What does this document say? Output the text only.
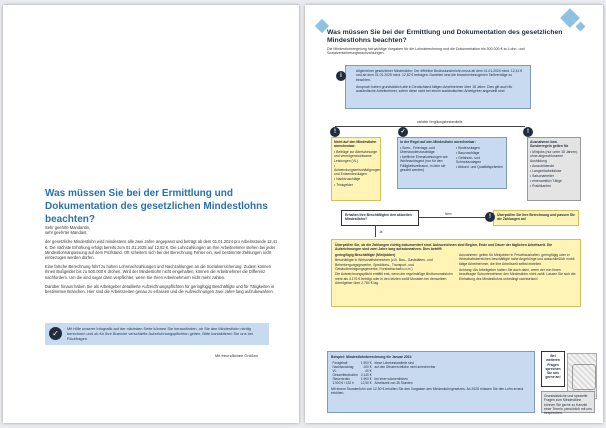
Was müssen Sie bei der Ermittlung und Dokumentation des gesetzlichen Mindestlohns beachten?

Sehr geehrte Mandantin,
sehr geehrter Mandant,

der gesetzliche Mindestlohn wird mindestens alle zwei Jahre angepasst und beträgt ab dem 01.01.2024 pro Arbeitsstunde 12,41 €. Die nächste Erhöhung erfolgt bereits zum 01.01.2025 auf 12,82 €. Die Lohnzahlungen an Ihre Arbeitnehmer stehen bei jeder Mindestlohnanpassung auf dem Prüfstand. Oft scheitern sich bei der Berechnung Fehler ein, weil bestimmte Zahlungen nicht einbezogen werden dürfen.

Eine falsche Berechnung führt zu hohen Lohnnachzahlungen und Nachzahlungen an die Sozialversicherung. Zudem können Ihnen Bußgelder bis zu 500.000 € drohen. Wird der Mindestlohn nicht eingehalten, können die Arbeitnehmer die Differenz nachfordern. Um die sind sogar dann verpflichtet, wenn Sie Ihren Arbeitnehmern nicht mehr zahlen.

Darüber hinaus haben Sie als Arbeitgeber detaillierte Aufzeichnungspflichten für geringfügig Beschäftigte und für Tätigkeiten in bestimmten Branchen. Hier sind die Arbeitszeiten genau zu erfassen und die Aufzeichnungen zwei Jahre lang aufzubewahren.

✓
Mit Hilfe unserer Infografik auf der nächsten Seite können Sie herausfinden, ob Sie den Mindestlohn richtig berechnen und ob für Ihre Branche verschärfte Aufzeichnungspflichten gelten. Bitte kontaktieren Sie uns bei Rückfragen.
Mit freundlichen Grüßen
Was müssen Sie bei der Ermittlung und Dokumentation des gesetzlichen Mindestlohns beachten?
Die Mindestlohnregelung hat wichtige Vorgaben für die Lohnabrechnung und die Dokumentation bis 500.000 € zu Lohn- und Sozialversicherungsnachzahlungen.
Allgemeiner gesetzlicher Mindestlohn: Der effektive Bruttostundenlohn muss ab dem 01.01.2024 mind. 12,41 € und ab dem 01.01.2025 mind. 12,82 € betragen. Daneben sind die branchenbezogenen Tarifverträge zu beachten.
Anspruch haben grundsätzlich alle in Deutschland tätigen Arbeitnehmer über 18 Jahre. Dies gilt auch für ausländische Arbeitnehmer, sofern diese nicht bei einem ausländischen Arbeitgeber angestellt sind.
i
variable Vergütungsbestandteile
!
Nicht auf den Mindestlohn anrechenbar:
• Beiträge zur Altersvorsorge und vermögenswirksame Leistungen (VL)
• Aufwendungsentschädigungen und Entsendezulagen
• Nachtzuschläge
• Trinkgelder
✓
In der Regel auf den Mindestlohn anrechenbar:
• Sonn-, Feiertags- und Überstundenzuschläge
• tarifliche Einmalzahlungen wie Weihnachtsgeld (nur für den Fälligkeitszeitraum, in dem sie gezahlt werden)
• Kinderzulagen
• Bauzuschläge
• Gefahren- und Schmutzzulagen
• Akkord- und Qualitätsprämien
!
Ausnahmen bzw. Sonderregeln gelten für
• Minijobs (nur unter 18 Jahren) ohne abgeschlossene Ausbildung
• Auszubildende
• Langzeitarbeitslose
• Saisonarbeiter
• ehrenamtlich Tätige
• Praktikanten
Erhalten Ihre Beschäftigten den aktuellen Mindestlohn?
Nein
Ja
Überprüfen Sie Ihre Berechnung und passen Sie die Zahlungen an!
!
Überprüfen Sie, ob die Zahlungen richtig dokumentiert sind. Aufzuzeichnen sind Beginn, Ende und Dauer der täglichen Arbeitszeit. Die Aufzeichnungen sind zwei Jahre lang aufzubewahren. Dies betrifft
geringfügig Beschäftigte (Minijobber)
Beschäftigte in Wirtschaftsbereichen (z.B. Bau-, Gaststätten- und Beherbergungsgewerbe, Speditions-, Transport- und Gebäudereinigungsgewerbe, Forstwirtschaft u.v.m.)
Die Aufzeichnungspflicht entfällt erst, wenn der regelmäßige Bruttomonatslohn mehr als 4.176 € beträgt oder in den letzten zwölf Monaten bei demselben Arbeitgeber über 2.784 € lag.
Ausnahmen: gelten für Minijobber in Privathaushalten, geringfügig oder in Wirtschaftsbereichen beschäftigte nahe Angehörige und ausschließlich mobil tätige Arbeitnehmer, die ihre Arbeitszeit selbst einteilen.
Achtung: Als Arbeitgeber haften Sie auch dann, wenn der von Ihnen beauftragte Subunternehmer den Mindestlohn nicht zahlt. Lassen Sie sich die Einhaltung des Mindestlohns unbedingt nachweisen!
Beispiel: Mindestlohnberechnung für Januar 2024
Festgehalt	1.900 €	diese Lohnbestandteile sind
Nachtzuschlag	200 €	auf den Steuerrechtliche nicht anrechenbar
VL	40 €	
Gesamtbruttolohn	2.140 €	
Steuerbrutto	1.900 €	bei einer wöchentlichen
1.900 € / 152 h	12,50 €	Arbeitszeit von 35 Stunden
Mit einem Stundenlohn von 12,50 € erhalten Sie den Vorgaben des Mindestlohngesetzes. Ab 2025 müssen Sie den Lohn erneut erhöhen.
Bei weiteren Fragen sprechen Sie uns gerne an!
Grundsätzliche und spezielle Fragen zum Mindestlohn können Sie gerne zu Kanzlei einer Termin, persönlich mit uns besprechen.
